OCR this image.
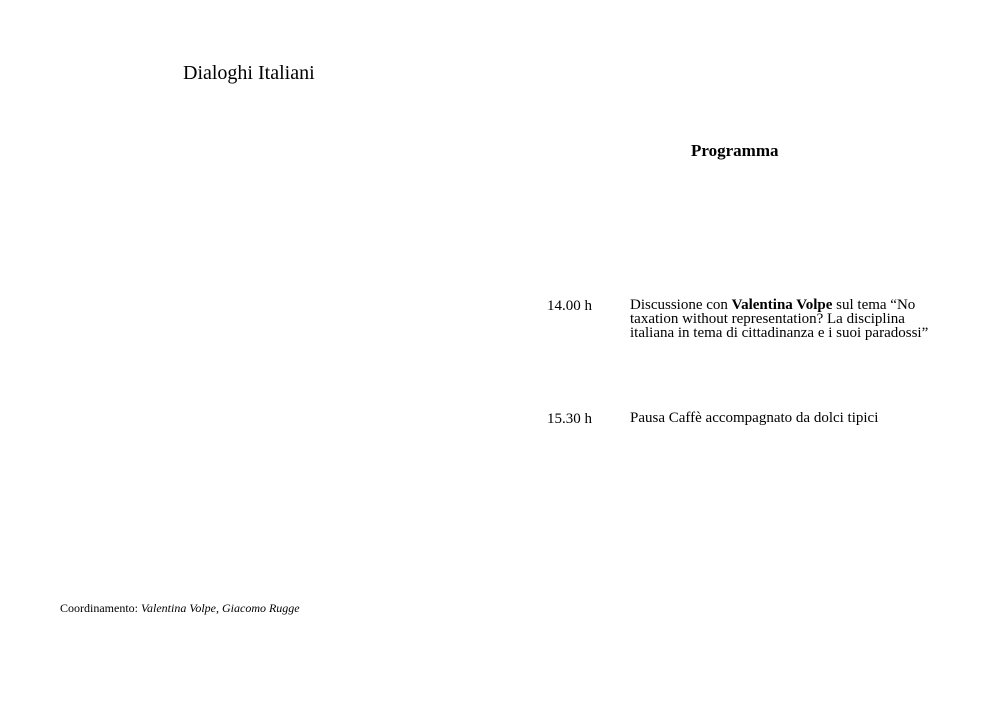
Dialoghi Italiani
Programma
14.00 h	Discussione con Valentina Volpe sul tema “No taxation without representation? La disciplina italiana in tema di cittadinanza e i suoi paradossi”
15.30 h	Pausa Caffè accompagnato da dolci tipici
Coordinamento: Valentina Volpe, Giacomo Rugge
